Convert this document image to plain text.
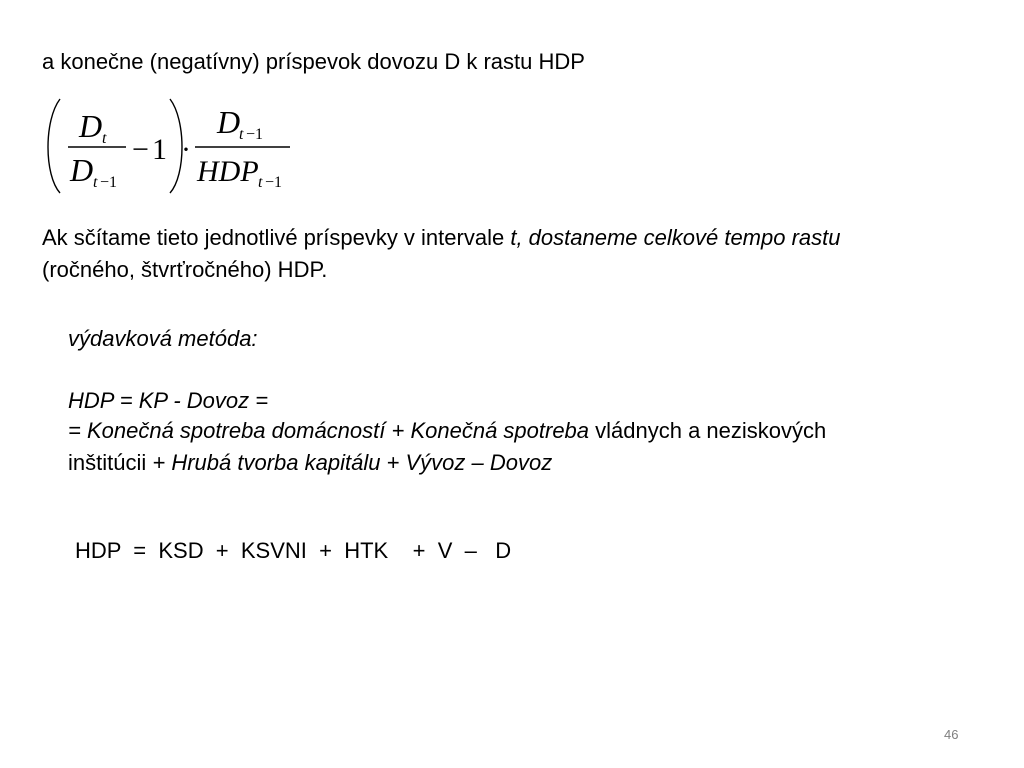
a konečne (negatívny) príspevok dovozu D k rastu HDP
D t
D t − 1
− 1 ·
D
t − 1
HDP t − 1
Ak sčítame tieto jednotlivé príspevky v intervale t, dostaneme celkové tempo rastu
(ročného, štvrťročného) HDP.
výdavková metóda:
HDP = KP - Dovoz =
= Konečná spotreba domácností + Konečná spotreba vládnych a neziskových
inštitúcii + Hrubá tvorba kapitálu + Vývoz – Dovoz
HDP  =  KSD  +  KSVNI  +  HTK    +  V  –   D
46
